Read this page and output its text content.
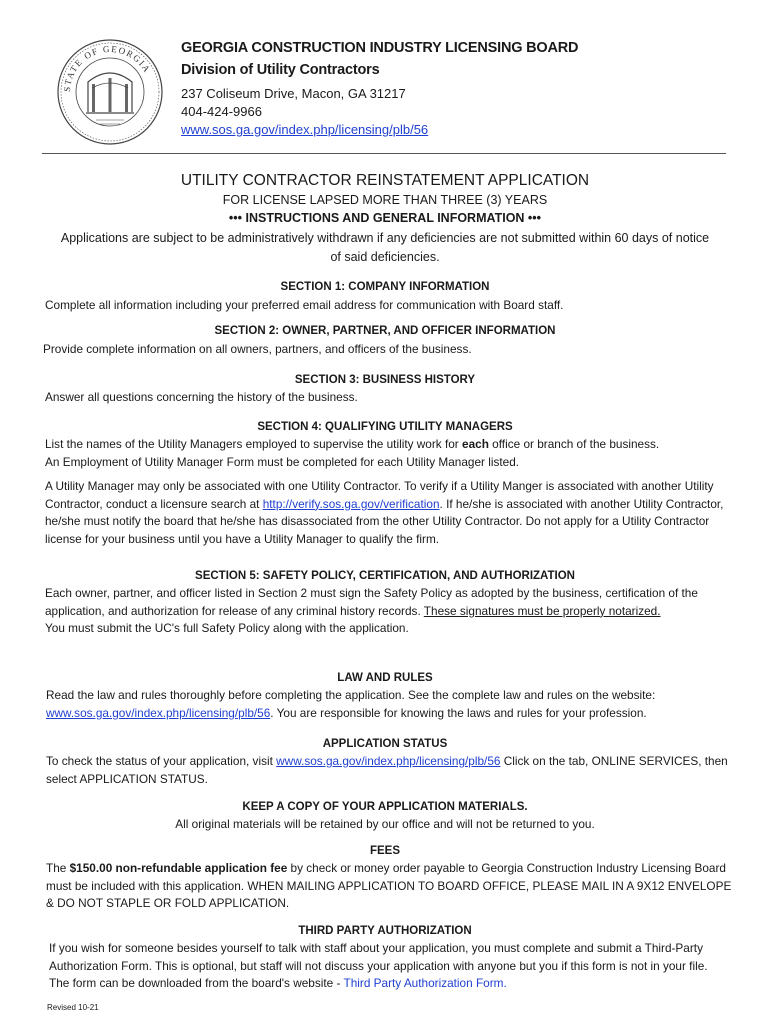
STATE OF GEORGIA
GEORGIA CONSTRUCTION INDUSTRY LICENSING BOARD
Division of Utility Contractors
237 Coliseum Drive, Macon, GA 31217
404-424-9966
www.sos.ga.gov/index.php/licensing/plb/56
UTILITY CONTRACTOR REINSTATEMENT APPLICATION
FOR LICENSE LAPSED MORE THAN THREE (3) YEARS
••• INSTRUCTIONS AND GENERAL INFORMATION •••
Applications are subject to be administratively withdrawn if any deficiencies are not submitted within 60 days of notice of said deficiencies.
SECTION 1: COMPANY INFORMATION
Complete all information including your preferred email address for communication with Board staff.
SECTION 2: OWNER, PARTNER, AND OFFICER INFORMATION
Provide complete information on all owners, partners, and officers of the business.
SECTION 3: BUSINESS HISTORY
Answer all questions concerning the history of the business.
SECTION 4: QUALIFYING UTILITY MANAGERS
List the names of the Utility Managers employed to supervise the utility work for each office or branch of the business.
An Employment of Utility Manager Form must be completed for each Utility Manager listed.
A Utility Manager may only be associated with one Utility Contractor. To verify if a Utility Manger is associated with another Utility Contractor, conduct a licensure search at http://verify.sos.ga.gov/verification. If he/she is associated with another Utility Contractor, he/she must notify the board that he/she has disassociated from the other Utility Contractor. Do not apply for a Utility Contractor license for your business until you have a Utility Manager to qualify the firm.
SECTION 5: SAFETY POLICY, CERTIFICATION, AND AUTHORIZATION
Each owner, partner, and officer listed in Section 2 must sign the Safety Policy as adopted by the business, certification of the application, and authorization for release of any criminal history records. These signatures must be properly notarized.
You must submit the UC's full Safety Policy along with the application.
LAW AND RULES
Read the law and rules thoroughly before completing the application. See the complete law and rules on the website: www.sos.ga.gov/index.php/licensing/plb/56. You are responsible for knowing the laws and rules for your profession.
APPLICATION STATUS
To check the status of your application, visit www.sos.ga.gov/index.php/licensing/plb/56 Click on the tab, ONLINE SERVICES, then select APPLICATION STATUS.
KEEP A COPY OF YOUR APPLICATION MATERIALS.
All original materials will be retained by our office and will not be returned to you.
FEES
The $150.00 non-refundable application fee by check or money order payable to Georgia Construction Industry Licensing Board must be included with this application. WHEN MAILING APPLICATION TO BOARD OFFICE, PLEASE MAIL IN A 9X12 ENVELOPE & DO NOT STAPLE OR FOLD APPLICATION.
THIRD PARTY AUTHORIZATION
If you wish for someone besides yourself to talk with staff about your application, you must complete and submit a Third-Party Authorization Form. This is optional, but staff will not discuss your application with anyone but you if this form is not in your file. The form can be downloaded from the board's website - Third Party Authorization Form.
Revised 10-21
